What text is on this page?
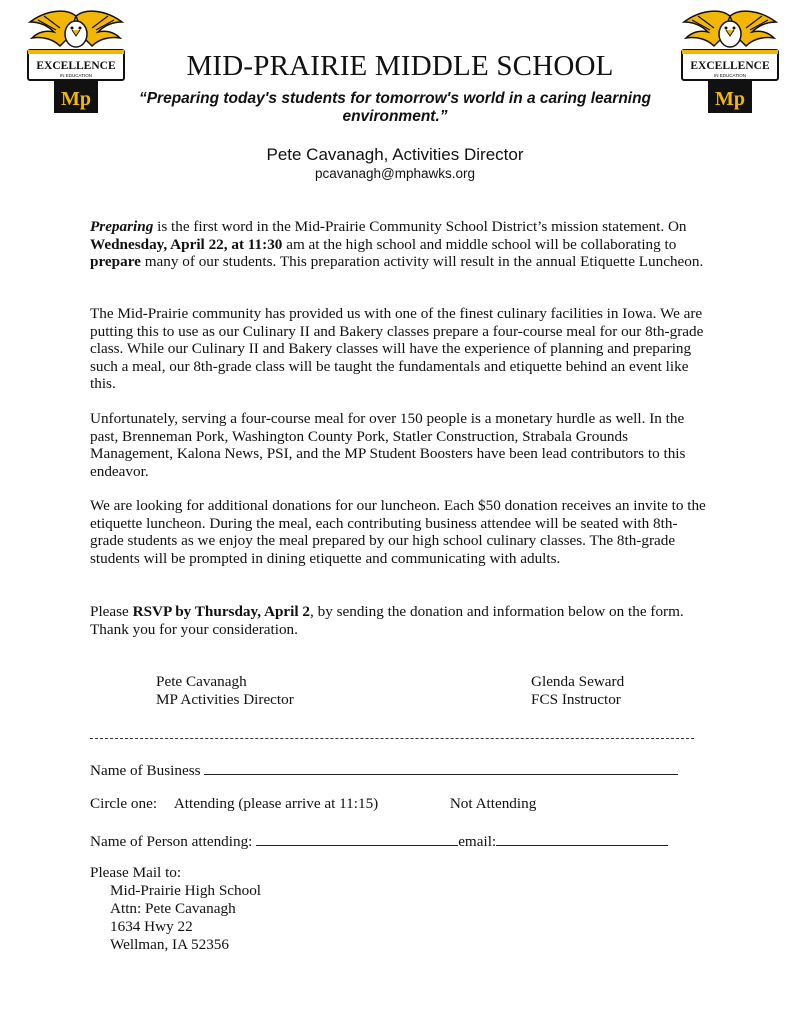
EXCELLENCE
IN EDUCATION
Mp
EXCELLENCE
IN EDUCATION
Mp
MID-PRAIRIE MIDDLE SCHOOL
“Preparing today's students for tomorrow's world in a caring learning environment.”
Pete Cavanagh, Activities Director
pcavanagh@mphawks.org

Preparing is the first word in the Mid-Prairie Community School District’s mission statement. On Wednesday, April 22, at 11:30 am at the high school and middle school will be collaborating to prepare many of our students. This preparation activity will result in the annual Etiquette Luncheon.

The Mid-Prairie community has provided us with one of the finest culinary facilities in Iowa. We are putting this to use as our Culinary II and Bakery classes prepare a four-course meal for our 8th-grade class. While our Culinary II and Bakery classes will have the experience of planning and preparing such a meal, our 8th-grade class will be taught the fundamentals and etiquette behind an event like this.

Unfortunately, serving a four-course meal for over 150 people is a monetary hurdle as well. In the past, Brenneman Pork, Washington County Pork, Statler Construction, Strabala Grounds Management, Kalona News, PSI, and the MP Student Boosters have been lead contributors to this endeavor.

We are looking for additional donations for our luncheon. Each $50 donation receives an invite to the etiquette luncheon. During the meal, each contributing business attendee will be seated with 8th-grade students as we enjoy the meal prepared by our high school culinary classes. The 8th-grade students will be prompted in dining etiquette and communicating with adults.

Please RSVP by Thursday, April 2, by sending the donation and information below on the form. Thank you for your consideration.

Pete Cavanagh
MP Activities Director
Glenda Seward
FCS Instructor
Name of Business
Circle one: Attending (please arrive at 11:15)	Not Attending
Name of Person attending:	email:
Please Mail to:
Mid-Prairie High School
Attn: Pete Cavanagh
1634 Hwy 22
Wellman, IA 52356
